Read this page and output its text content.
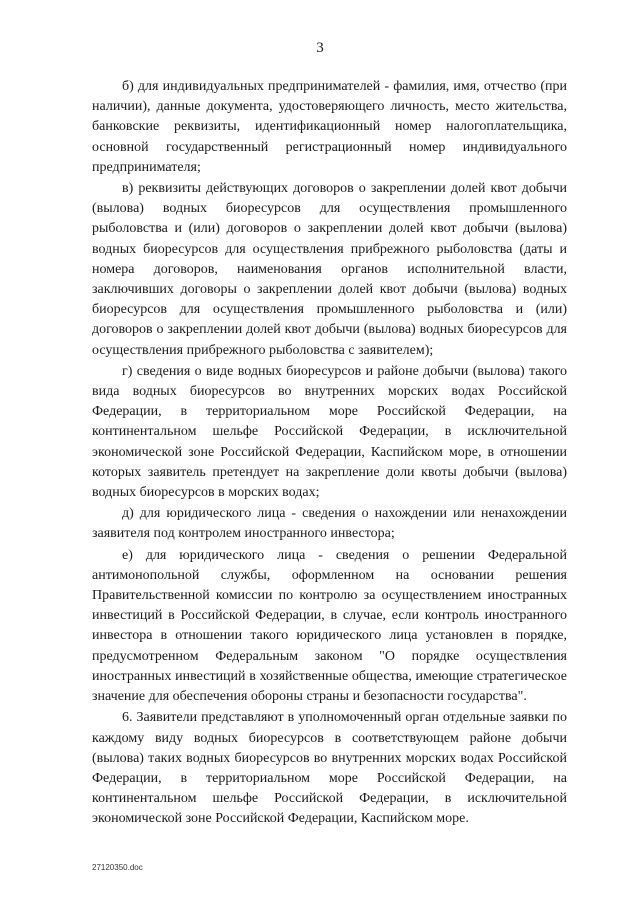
3

б) для индивидуальных предпринимателей - фамилия, имя, отчество (при наличии), данные документа, удостоверяющего личность, место жительства, банковские реквизиты, идентификационный номер налогоплательщика, основной государственный регистрационный номер индивидуального предпринимателя;

в) реквизиты действующих договоров о закреплении долей квот добычи (вылова) водных биоресурсов для осуществления промышленного рыболовства и (или) договоров о закреплении долей квот добычи (вылова) водных биоресурсов для осуществления прибрежного рыболовства (даты и номера договоров, наименования органов исполнительной власти, заключивших договоры о закреплении долей квот добычи (вылова) водных биоресурсов для осуществления промышленного рыболовства и (или) договоров о закреплении долей квот добычи (вылова) водных биоресурсов для осуществления прибрежного рыболовства с заявителем);

г) сведения о виде водных биоресурсов и районе добычи (вылова) такого вида водных биоресурсов во внутренних морских водах Российской Федерации, в территориальном море Российской Федерации, на континентальном шельфе Российской Федерации, в исключительной экономической зоне Российской Федерации, Каспийском море, в отношении которых заявитель претендует на закрепление доли квоты добычи (вылова) водных биоресурсов в морских водах;

д) для юридического лица - сведения о нахождении или ненахождении заявителя под контролем иностранного инвестора;

е) для юридического лица - сведения о решении Федеральной антимонопольной службы, оформленном на основании решения Правительственной комиссии по контролю за осуществлением иностранных инвестиций в Российской Федерации, в случае, если контроль иностранного инвестора в отношении такого юридического лица установлен в порядке, предусмотренном Федеральным законом "О порядке осуществления иностранных инвестиций в хозяйственные общества, имеющие стратегическое значение для обеспечения обороны страны и безопасности государства".

6. Заявители представляют в уполномоченный орган отдельные заявки по каждому виду водных биоресурсов в соответствующем районе добычи (вылова) таких водных биоресурсов во внутренних морских водах Российской Федерации, в территориальном море Российской Федерации, на континентальном шельфе Российской Федерации, в исключительной экономической зоне Российской Федерации, Каспийском море.

27120350.doc
